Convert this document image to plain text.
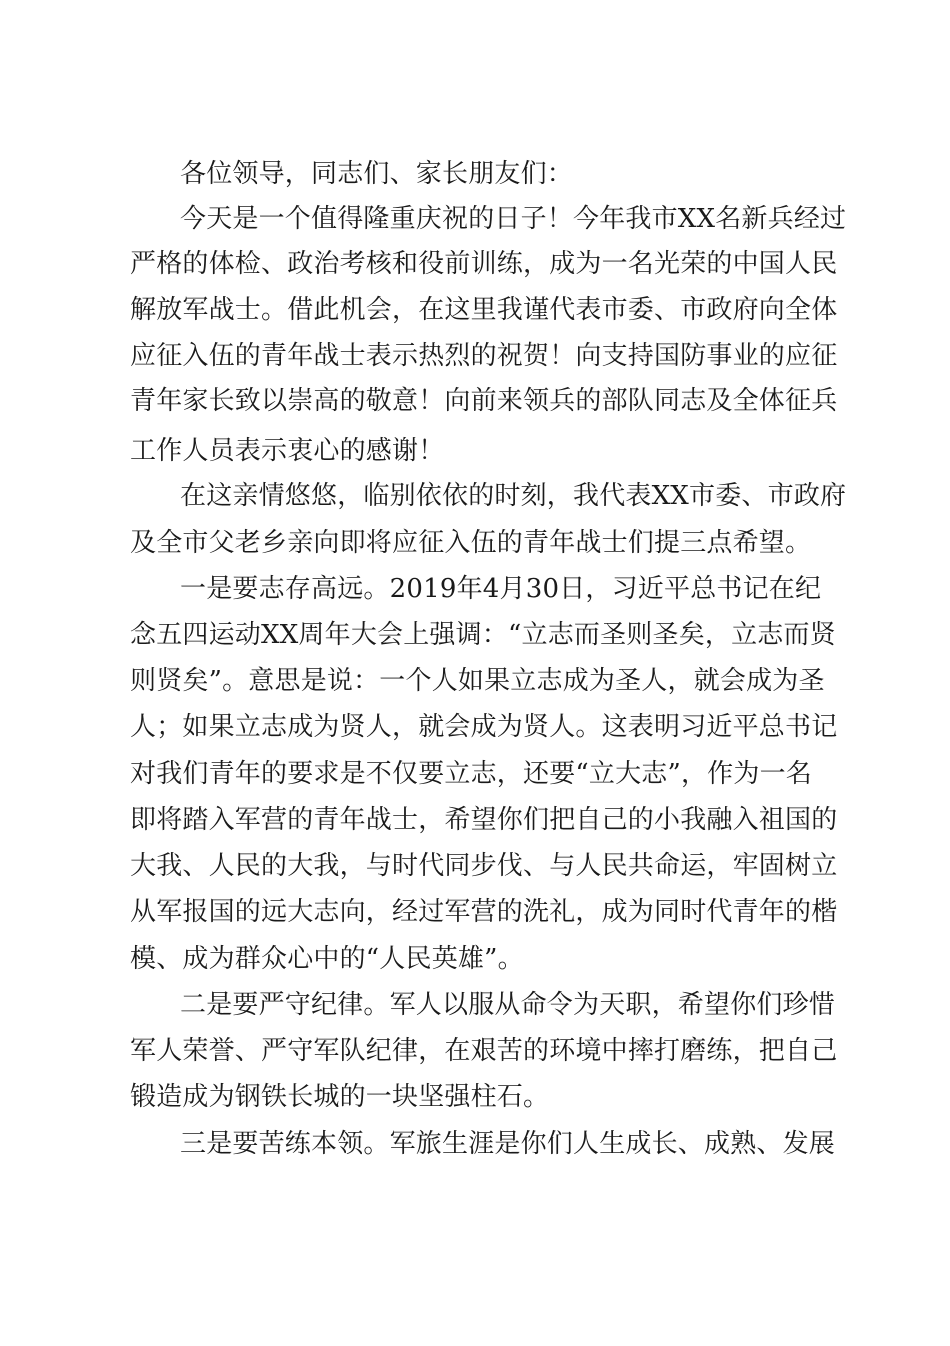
各位领导，同志们、家长朋友们：
今天是一个值得隆重庆祝的日子！今年我市XX名新兵经过
严格的体检、政治考核和役前训练，成为一名光荣的中国人民
解放军战士。借此机会，在这里我谨代表市委、市政府向全体
应征入伍的青年战士表示热烈的祝贺！向支持国防事业的应征
青年家长致以崇高的敬意！向前来领兵的部队同志及全体征兵
工作人员表示衷心的感谢！
在这亲情悠悠，临别依依的时刻，我代表XX市委、市政府
及全市父老乡亲向即将应征入伍的青年战士们提三点希望。
一是要志存高远。2019年4月30日，习近平总书记在纪
念五四运动XX周年大会上强调：“立志而圣则圣矣，立志而贤
则贤矣”。意思是说：一个人如果立志成为圣人，就会成为圣
人；如果立志成为贤人，就会成为贤人。这表明习近平总书记
对我们青年的要求是不仅要立志，还要“立大志”，作为一名
即将踏入军营的青年战士，希望你们把自己的小我融入祖国的
大我、人民的大我，与时代同步伐、与人民共命运，牢固树立
从军报国的远大志向，经过军营的洗礼，成为同时代青年的楷
模、成为群众心中的“人民英雄”。
二是要严守纪律。军人以服从命令为天职，希望你们珍惜
军人荣誉、严守军队纪律，在艰苦的环境中摔打磨练，把自己
锻造成为钢铁长城的一块坚强柱石。
三是要苦练本领。军旅生涯是你们人生成长、成熟、发展
